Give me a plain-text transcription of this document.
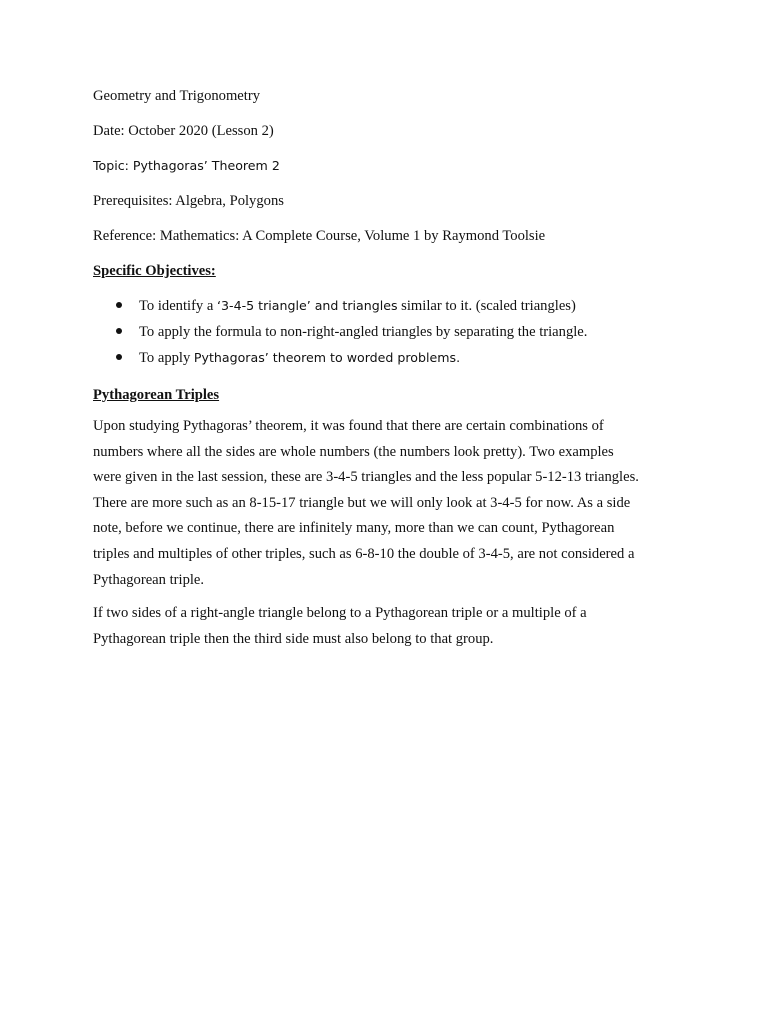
Geometry and Trigonometry
Date: October 2020 (Lesson 2)
Topic: Pythagoras’ Theorem 2
Prerequisites: Algebra, Polygons
Reference: Mathematics: A Complete Course, Volume 1 by Raymond Toolsie
Specific Objectives:
To identify a ‘3-4-5 triangle’ and triangles similar to it. (scaled triangles)
To apply the formula to non-right-angled triangles by separating the triangle.
To apply Pythagoras’ theorem to worded problems.
Pythagorean Triples
Upon studying Pythagoras’ theorem, it was found that there are certain combinations of
numbers where all the sides are whole numbers (the numbers look pretty). Two examples
were given in the last session, these are 3-4-5 triangles and the less popular 5-12-13 triangles.
There are more such as an 8-15-17 triangle but we will only look at 3-4-5 for now. As a side
note, before we continue, there are infinitely many, more than we can count, Pythagorean
triples and multiples of other triples, such as 6-8-10 the double of 3-4-5, are not considered a
Pythagorean triple.
If two sides of a right-angle triangle belong to a Pythagorean triple or a multiple of a
Pythagorean triple then the third side must also belong to that group.
